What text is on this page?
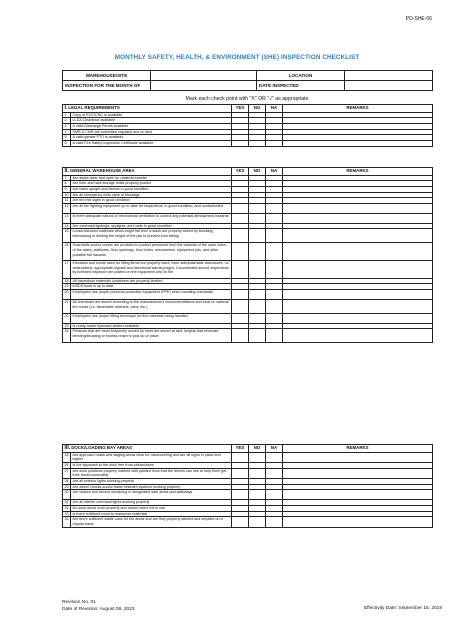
PO-SHE-06
MONTHLY SAFETY, HEALTH, & ENVIRONMENT (SHE) INSPECTION CHECKLIST
WAREHOUSE/SITE		LOCATION	
INSPECTION FOR THE MONTH OF		DATE INSPECTED	
Mark each check point with "X" OR "√" as appropriate
I.LEGAL REQUIREMENTS		YES	NO	NA	REMARKS
1	Copy of ECC/CNC is available				
2	LLDA Clearance available				
3	A valid Discharge Permit available				
4	SMR & CMR are submitted regularly and on time				
5	A valid genset PTO is available				
6	A valid Fire Safety Inspection Certificate available				
II.GENERAL WAREHOUSE AREA		YES	NO	NA	REMARKS
7	Are aisles clear and open for material transfer				
8	Are floor and rack storage limits properly posted				
9	Are racks upright and beams in good condition				
10	Are all emergency exits clear of blockage				
11	Are the exit signs in good condition				
12	Are all fire fighting equipment up to date for inspections, in good condition, and unobstructed				
13	Is there adequate natural or mechanical ventilation to control any potential atmospheric hazards				
14	Are overhead lightings, skylights, and roofs in good condition				
15	Loose/unboxed materials which might fall from a stack are properly stored by blocking, interlocking or limiting the height of the pile to prevent from falling				
16	Guardrails and/or covers are provided to protect personnel from the hazards of the open sides of the stairs, platforms, floor openings, floor holes, mezzanines, equipment pits, and other possible fall hazards				
17	Elevators and hoists used for lifting items are properly used, have adequate/safe clearances, no obstructions, appropriate signals and directional warning signs. Documented annual inspections by licensed inspector are posted on the equipment and on file				
18	All hazardous materials containers are properly labeled				
19	MSDS book is up to date				
20	Employees use proper personal protective equipment (PPE) when handling chemicals				
21	All chemicals are stored according to the manufacturer's recommendations and local or national fire codes (i.e. flammable cabinets, cans, etc.)				
22	Employees use proper lifting technique for the materials being handled				
23	Is ready-made eyewash station available				
24	Products that are most frequently moved by hand are stored at rack heights that minimize bending/stooping or excess reach to pick up or place				
III.DOCK/LOADING BAY AREAS		YES	NO	NA	REMARKS
25	Are approach roads and staging areas clear for maneuvering and are all signs in place and legible				
26	Is the approach to the dock free from obstructions				
27	Are dock positions properly marked with painted lines that the drivers can see to help them get their trucks accurately				
28	Are all exterior lights working properly				
29	Are wheel chocks and/or trailer restraint systems working properly				
30	Are visitors and drivers remaining in designated safe areas and walkways				
31	Are all interior overhead lights working properly				
32	Do dock doors work properly and closed when not in use				
33	Is there sufficient room to maneuver materials				
34	Are there sufficient waste cans for the areas and are they properly labeled and emptied on a regular basis				
Revision No. 01
Date of Revision: August 08, 2023	Effectivity Date: September 15, 2019
